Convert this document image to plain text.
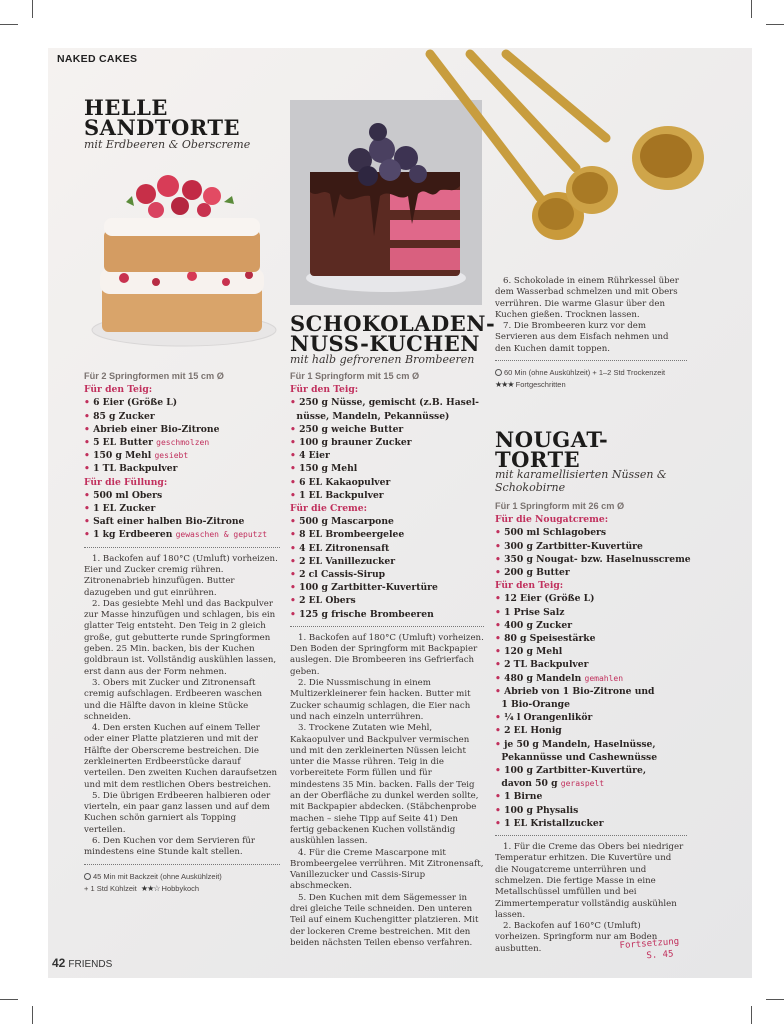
NAKED CAKES
HELLE
SANDTORTE
mit Erdbeeren & Oberscreme
Für 2 Springformen mit 15 cm Ø
Für den Teig:
• 6 Eier (Größe L)
• 85 g Zucker
• Abrieb einer Bio-Zitrone
• 5 EL Butter geschmolzen
• 150 g Mehl gesiebt
• 1 TL Backpulver
Für die Füllung:
• 500 ml Obers
• 1 EL Zucker
• Saft einer halben Bio-Zitrone
• 1 kg Erdbeeren gewaschen & geputzt

1. Backofen auf 180°C (Umluft) vorheizen. Eier und Zucker cremig rühren. Zitronenabrieb hinzufügen. Butter dazugeben und gut einrühren.

2. Das gesiebte Mehl und das Backpulver zur Masse hinzufügen und schlagen, bis ein glatter Teig entsteht. Den Teig in 2 gleich große, gut gebutterte runde Springformen geben. 25 Min. backen, bis der Kuchen goldbraun ist. Vollständig auskühlen lassen, erst dann aus der Form nehmen.

3. Obers mit Zucker und Zitronensaft cremig aufschlagen. Erdbeeren waschen und die Hälfte davon in kleine Stücke schneiden.

4. Den ersten Kuchen auf einem Teller oder einer Platte platzieren und mit der Hälfte der Oberscreme bestreichen. Die zerkleinerten Erdbeerstücke darauf verteilen. Den zweiten Kuchen daraufsetzen und mit dem restlichen Obers bestreichen.

5. Die übrigen Erdbeeren halbieren oder vierteln, ein paar ganz lassen und auf dem Kuchen schön garniert als Topping verteilen.

6. Den Kuchen vor dem Servieren für mindestens eine Stunde kalt stellen.

45 Min mit Backzeit (ohne Auskühlzeit)
+ 1 Std Kühlzeit ★★☆ Hobbykoch
SCHOKOLADEN-
NUSS-KUCHEN
mit halb gefrorenen Brombeeren
Für 1 Springform mit 15 cm Ø
Für den Teig:
• 250 g Nüsse, gemischt (z.B. Hasel-
nüsse, Mandeln, Pekannüsse)
• 250 g weiche Butter
• 100 g brauner Zucker
• 4 Eier
• 150 g Mehl
• 6 EL Kakaopulver
• 1 EL Backpulver
Für die Creme:
• 500 g Mascarpone
• 8 EL Brombeergelee
• 4 EL Zitronensaft
• 2 EL Vanillezucker
• 2 cl Cassis-Sirup
• 100 g Zartbitter-Kuvertüre
• 2 EL Obers
• 125 g frische Brombeeren

1. Backofen auf 180°C (Umluft) vorheizen. Den Boden der Springform mit Backpapier auslegen. Die Brombeeren ins Gefrierfach geben.

2. Die Nussmischung in einem Multizerkleinerer fein hacken. Butter mit Zucker schaumig schlagen, die Eier nach und nach einzeln unterrühren.

3. Trockene Zutaten wie Mehl, Kakaopulver und Backpulver vermischen und mit den zerkleinerten Nüssen leicht unter die Masse rühren. Teig in die vorbereitete Form füllen und für mindestens 35 Min. backen. Falls der Teig an der Oberfläche zu dunkel werden sollte, mit Backpapier abdecken. (Stäbchenprobe machen – siehe Tipp auf Seite 41) Den fertig gebackenen Kuchen vollständig auskühlen lassen.

4. Für die Creme Mascarpone mit Brombeergelee verrühren. Mit Zitronensaft, Vanillezucker und Cassis-Sirup abschmecken.

5. Den Kuchen mit dem Sägemesser in drei gleiche Teile schneiden. Den unteren Teil auf einem Kuchengitter platzieren. Mit der lockeren Creme bestreichen. Mit den beiden nächsten Teilen ebenso verfahren.

6. Schokolade in einem Rührkessel über dem Wasserbad schmelzen und mit Obers verrühren. Die warme Glasur über den Kuchen gießen. Trocknen lassen.

7. Die Brombeeren kurz vor dem Servieren aus dem Eisfach nehmen und den Kuchen damit toppen.

60 Min (ohne Auskühlzeit) + 1–2 Std Trockenzeit
★★★ Fortgeschritten
NOUGAT-
TORTE
mit karamellisierten Nüssen & Schokobirne
Für 1 Springform mit 26 cm Ø
Für die Nougatcreme:
• 500 ml Schlagobers
• 300 g Zartbitter-Kuvertüre
• 350 g Nougat- bzw. Haselnusscreme
• 200 g Butter
Für den Teig:
• 12 Eier (Größe L)
• 1 Prise Salz
• 400 g Zucker
• 80 g Speisestärke
• 120 g Mehl
• 2 TL Backpulver
• 480 g Mandeln gemahlen
• Abrieb von 1 Bio-Zitrone und
1 Bio-Orange
• ¼ l Orangenlikör
• 2 EL Honig
• je 50 g Mandeln, Haselnüsse,
Pekannüsse und Cashewnüsse
• 100 g Zartbitter-Kuvertüre,
davon 50 g geraspelt
• 1 Birne
• 100 g Physalis
• 1 EL Kristallzucker

1. Für die Creme das Obers bei niedriger Temperatur erhitzen. Die Kuvertüre und die Nougatcreme unterrühren und schmelzen. Die fertige Masse in eine Metallschüssel umfüllen und bei Zimmertemperatur vollständig auskühlen lassen.

2. Backofen auf 160°C (Umluft) vorheizen. Springform nur am Boden ausbutten.

42 FRIENDS
Fortsetzung
S. 45
